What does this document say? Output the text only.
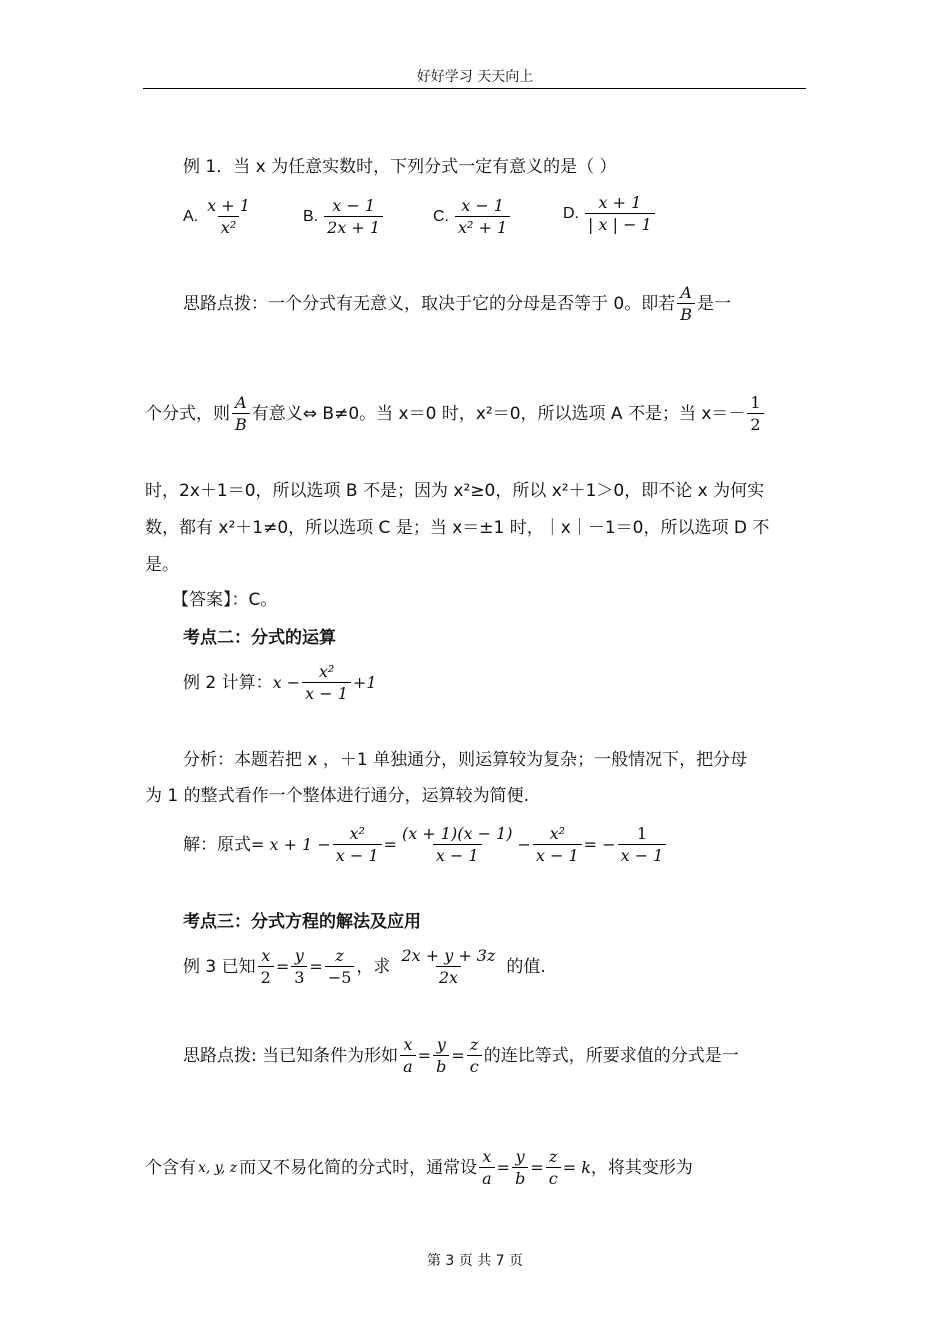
好好学习 天天向上
例 1．当 x 为任意实数时，下列分式一定有意义的是（ ）
A. $\frac{x + 1}{\text{x²}}$	B. $\frac{x - 1}{2x + 1}$	C. $\frac{x - 1}{\text{x² + 1}}$	D. $\frac{x + 1}{| x | - 1}$
思路点拨：一个分式有无意义，取决于它的分母是否等于 0。即若 $\frac{A}{B}$ 是一
个分式，则 $\frac{A}{B}$ 有意义⇔ B≠0。当 x＝0 时，x²＝0，所以选项 A 不是；当 $x=- \frac{1}{2}$
时，2x＋1＝0，所以选项 B 不是；因为 x²≥0，所以 x²＋1＞0，即不论 x 为何实
数，都有 x²＋1≠0，所以选项 C 是；当 x＝±1 时，｜x｜－1＝0，所以选项 D 不
是。
【答案】：C。
考点二：分式的运算
例 2 计算： $x - \frac{\text{x²}}{x - 1} +1$
分析：本题若把 x ，＋1 单独通分，则运算较为复杂；一般情况下，把分母
为 1 的整式看作一个整体进行通分，运算较为简便.
解：原式 = $x + 1 - \frac{\text{x²}}{x - 1} = \frac{(x + 1)(x - 1)}{x - 1} - \frac{\text{x²}}{x - 1}$ = − $\frac{1}{x - 1}$
考点三：分式方程的解法及应用
例 3 已知 $\frac{x}{2} = \frac{y}{3} = \frac{z}{-5}$ ，求 $\frac{2x + y + 3z}{2x}$ 的值.
思路点拨: 当已知条件为形如 $\frac{x}{a} = \frac{y}{b} = \frac{z}{c}$ 的连比等式，所要求值的分式是一
个含有 x, y, z 而又不易化简的分式时，通常设 $\frac{x}{a} = \frac{y}{b} = \frac{z}{c} = k$ ，将其变形为
第 3 页 共 7 页
